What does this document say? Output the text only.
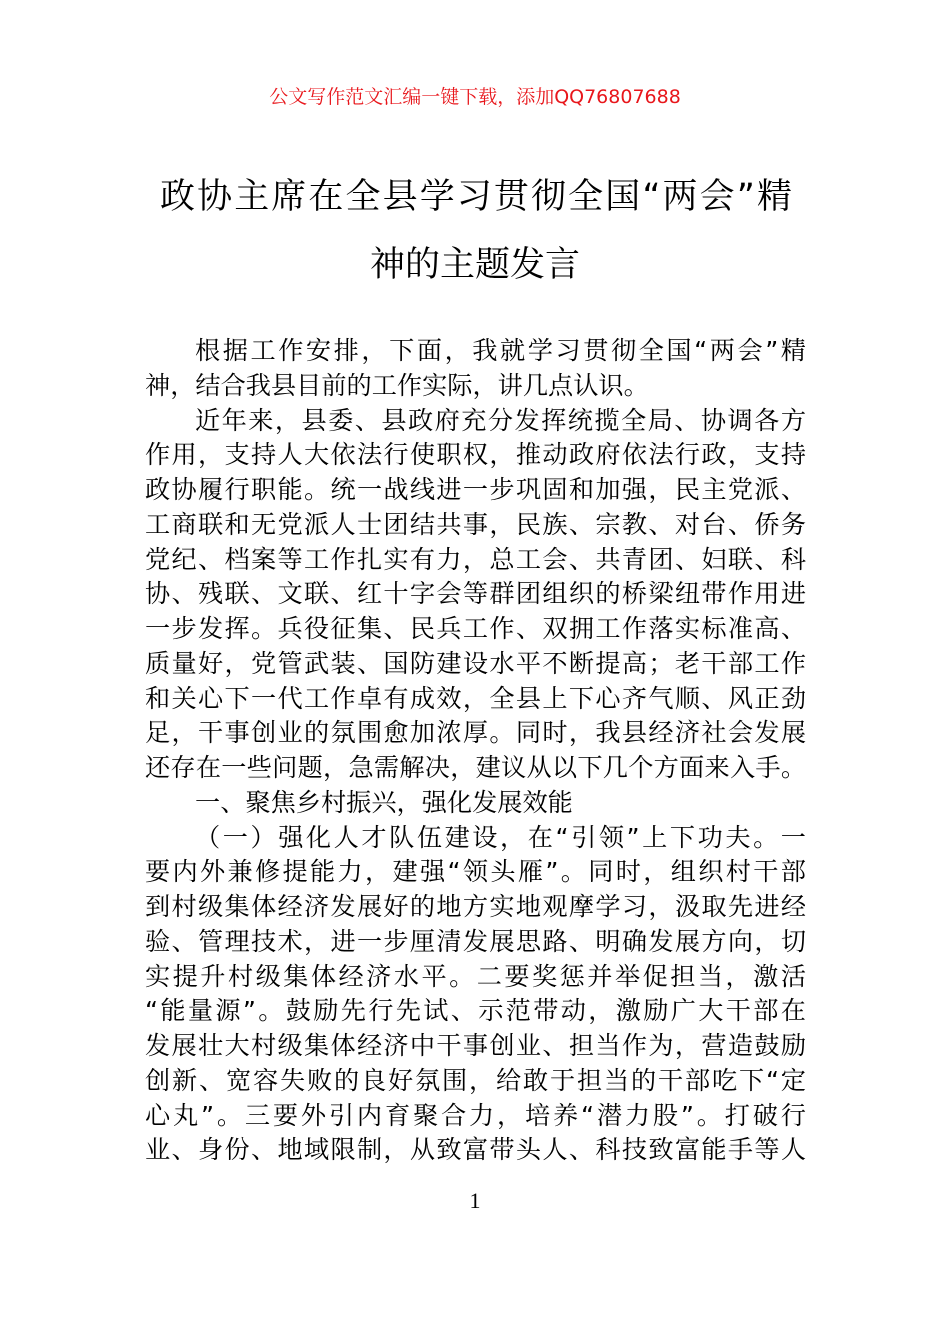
公文写作范文汇编一键下载，添加QQ76807688
政协主席在全县学习贯彻全国“两会”精
神的主题发言
根据工作安排，下面，我就学习贯彻全国“两会”精
神，结合我县目前的工作实际，讲几点认识。
近年来，县委、县政府充分发挥统揽全局、协调各方
作用，支持人大依法行使职权，推动政府依法行政，支持
政协履行职能。统一战线进一步巩固和加强，民主党派、
工商联和无党派人士团结共事，民族、宗教、对台、侨务
党纪、档案等工作扎实有力，总工会、共青团、妇联、科
协、残联、文联、红十字会等群团组织的桥梁纽带作用进
一步发挥。兵役征集、民兵工作、双拥工作落实标准高、
质量好，党管武装、国防建设水平不断提高；老干部工作
和关心下一代工作卓有成效，全县上下心齐气顺、风正劲
足，干事创业的氛围愈加浓厚。同时，我县经济社会发展
还存在一些问题，急需解决，建议从以下几个方面来入手。
一、聚焦乡村振兴，强化发展效能
（一）强化人才队伍建设，在“引领”上下功夫。一
要内外兼修提能力，建强“领头雁”。同时，组织村干部
到村级集体经济发展好的地方实地观摩学习，汲取先进经
验、管理技术，进一步厘清发展思路、明确发展方向，切
实提升村级集体经济水平。二要奖惩并举促担当，激活
“能量源”。鼓励先行先试、示范带动，激励广大干部在
发展壮大村级集体经济中干事创业、担当作为，营造鼓励
创新、宽容失败的良好氛围，给敢于担当的干部吃下“定
心丸”。三要外引内育聚合力，培养“潜力股”。打破行
业、身份、地域限制，从致富带头人、科技致富能手等人
1
